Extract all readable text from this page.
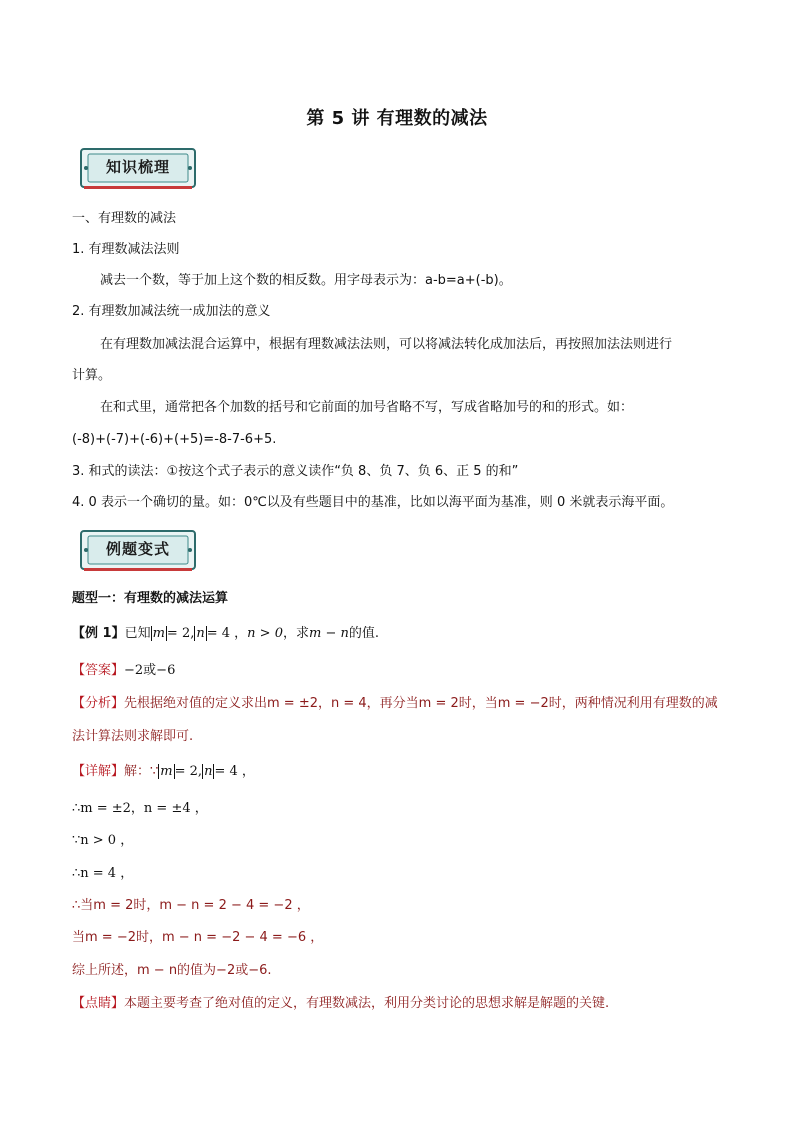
第 5 讲 有理数的减法
知识梳理
一、有理数的减法
1. 有理数减法法则
减去一个数，等于加上这个数的相反数。用字母表示为：a-b=a+(-b)。
2. 有理数加减法统一成加法的意义
在有理数加减法混合运算中，根据有理数减法法则，可以将减法转化成加法后，再按照加法法则进行
计算。
在和式里，通常把各个加数的括号和它前面的加号省略不写，写成省略加号的和的形式。如：
(-8)+(-7)+(-6)+(+5)=-8-7-6+5.
3. 和式的读法：①按这个式子表示的意义读作“负 8、负 7、负 6、正 5 的和”
4. 0 表示一个确切的量。如：0℃以及有些题目中的基准，比如以海平面为基准，则 0 米就表示海平面。
例题变式
题型一：有理数的减法运算
【例 1】已知 m = 2, n = 4 ，n > 0，求m − n的值.
【答案】−2或−6
【分析】先根据绝对值的定义求出m = ±2，n = 4，再分当m = 2时，当m = −2时，两种情况利用有理数的减
法计算法则求解即可.
【详解】解：∵ m = 2, n = 4 ，
∴m = ±2，n = ±4 ，
∵n > 0 ，
∴n = 4 ，
∴当m = 2时，m − n = 2 − 4 = −2 ，
当m = −2时，m − n = −2 − 4 = −6 ，
综上所述，m − n的值为−2或−6.
【点睛】本题主要考查了绝对值的定义，有理数减法，利用分类讨论的思想求解是解题的关键.
